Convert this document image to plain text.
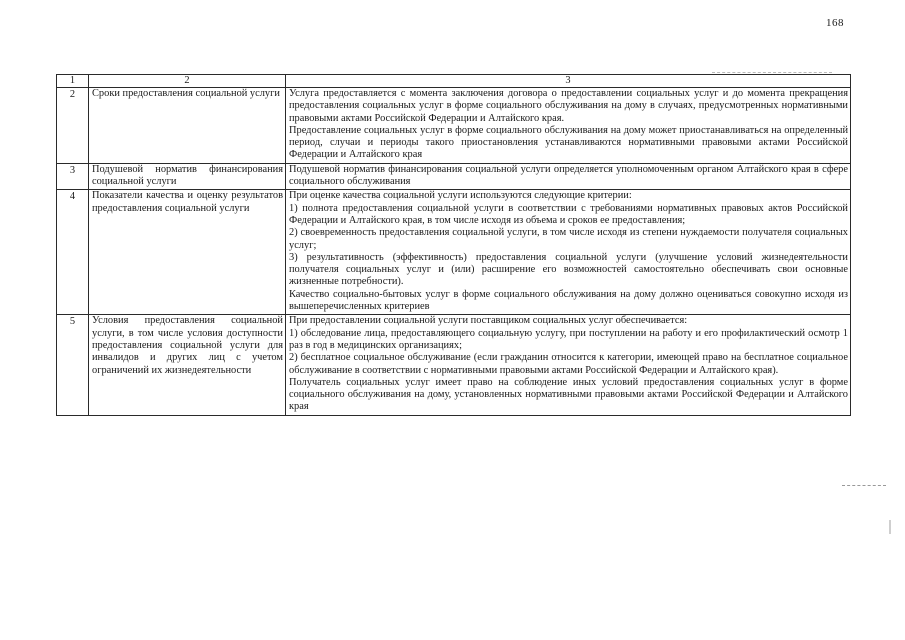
168
1	2	3
2	Сроки предоставления социальной услуги	Услуга предоставляется с момента заключения договора о предоставлении социальных услуг и до момента прекращения предоставления социальных услуг в форме социального обслуживания на дому в случаях, предусмотренных нормативными правовыми актами Российской Федерации и Алтайского края.

Предоставление социальных услуг в форме социального обслуживания на дому может приостанавливаться на определенный период, случаи и периоды такого приостановления устанавливаются нормативными правовыми актами Российской Федерации и Алтайского края

3	Подушевой норматив финансирования социальной услуги	Подушевой норматив финансирования социальной услуги определяется уполномоченным органом Алтайского края в сфере социального обслуживания

4	Показатели качества и оценку результатов предоставления социальной услуги	При оценке качества социальной услуги используются следующие критерии:

1) полнота предоставления социальной услуги в соответствии с требованиями нормативных правовых актов Российской Федерации и Алтайского края, в том числе исходя из объема и сроков ее предоставления;

2) своевременность предоставления социальной услуги, в том числе исходя из степени нуждаемости получателя социальных услуг;

3) результативность (эффективность) предоставления социальной услуги (улучшение условий жизнедеятельности получателя социальных услуг и (или) расширение его возможностей самостоятельно обеспечивать свои основные жизненные потребности).

Качество социально-бытовых услуг в форме социального обслуживания на дому должно оцениваться совокупно исходя из вышеперечисленных критериев

5	Условия предоставления социальной услуги, в том числе условия доступности предоставления социальной услуги для инвалидов и других лиц с учетом ограничений их жизнедеятельности	При предоставлении социальной услуги поставщиком социальных услуг обеспечивается:

1) обследование лица, предоставляющего социальную услугу, при поступлении на работу и его профилактический осмотр 1 раз в год в медицинских организациях;

2) бесплатное социальное обслуживание (если гражданин относится к категории, имеющей право на бесплатное социальное обслуживание в соответствии с нормативными правовыми актами Российской Федерации и Алтайского края).

Получатель социальных услуг имеет право на соблюдение иных условий предоставления социальных услуг в форме социального обслуживания на дому, установленных нормативными правовыми актами Российской Федерации и Алтайского края
